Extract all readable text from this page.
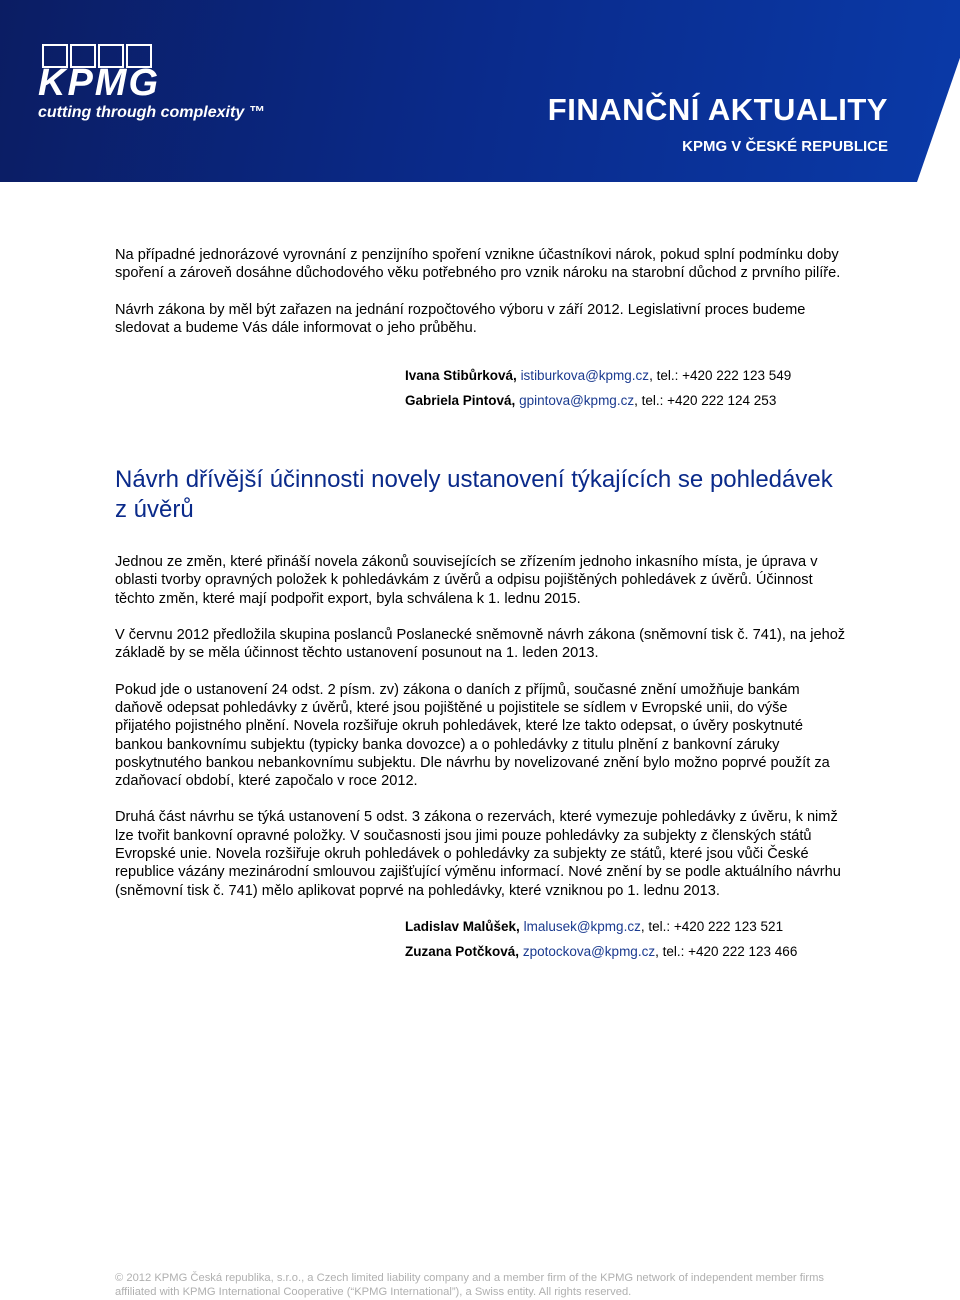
KPMG
cutting through complexity ™	FINANČNÍ AKTUALITY
KPMG V ČESKÉ REPUBLICE

Na případné jednorázové vyrovnání z penzijního spoření vznikne účastníkovi nárok, pokud splní podmínku doby spoření a zároveň dosáhne důchodového věku potřebného pro vznik nároku na starobní důchod z prvního pilíře.

Návrh zákona by měl být zařazen na jednání rozpočtového výboru v září 2012. Legislativní proces budeme sledovat a budeme Vás dále informovat o jeho průběhu.

Ivana Stibůrková, istiburkova@kpmg.cz, tel.: +420 222 123 549
Gabriela Pintová, gpintova@kpmg.cz, tel.: +420 222 124 253
Návrh dřívější účinnosti novely ustanovení týkajících se pohledávek z úvěrů

Jednou ze změn, které přináší novela zákonů souvisejících se zřízením jednoho inkasního místa, je úprava v oblasti tvorby opravných položek k pohledávkám z úvěrů a odpisu pojištěných pohledávek z úvěrů. Účinnost těchto změn, které mají podpořit export, byla schválena k 1. lednu 2015.

V červnu 2012 předložila skupina poslanců Poslanecké sněmovně návrh zákona (sněmovní tisk č. 741), na jehož základě by se měla účinnost těchto ustanovení posunout na 1. leden 2013.

Pokud jde o ustanovení 24 odst. 2 písm. zv) zákona o daních z příjmů, současné znění umožňuje bankám daňově odepsat pohledávky z úvěrů, které jsou pojištěné u pojistitele se sídlem v Evropské unii, do výše přijatého pojistného plnění. Novela rozšiřuje okruh pohledávek, které lze takto odepsat, o úvěry poskytnuté bankou bankovnímu subjektu (typicky banka dovozce) a o pohledávky z titulu plnění z bankovní záruky poskytnutého bankou nebankovnímu subjektu. Dle návrhu by novelizované znění bylo možno poprvé použít za zdaňovací období, které započalo v roce 2012.

Druhá část návrhu se týká ustanovení 5 odst. 3 zákona o rezervách, které vymezuje pohledávky z úvěru, k nimž lze tvořit bankovní opravné položky. V současnosti jsou jimi pouze pohledávky za subjekty z členských států Evropské unie. Novela rozšiřuje okruh pohledávek o pohledávky za subjekty ze států, které jsou vůči České republice vázány mezinárodní smlouvou zajišťující výměnu informací. Nové znění by se podle aktuálního návrhu (sněmovní tisk č. 741) mělo aplikovat poprvé na pohledávky, které vzniknou po 1. lednu 2013.

Ladislav Malůšek, lmalusek@kpmg.cz, tel.: +420 222 123 521
Zuzana Potčková, zpotockova@kpmg.cz, tel.: +420 222 123 466
© 2012 KPMG Česká republika, s.r.o., a Czech limited liability company and a member firm of the KPMG network of independent member firms affiliated with KPMG International Cooperative (“KPMG International”), a Swiss entity. All rights reserved.
